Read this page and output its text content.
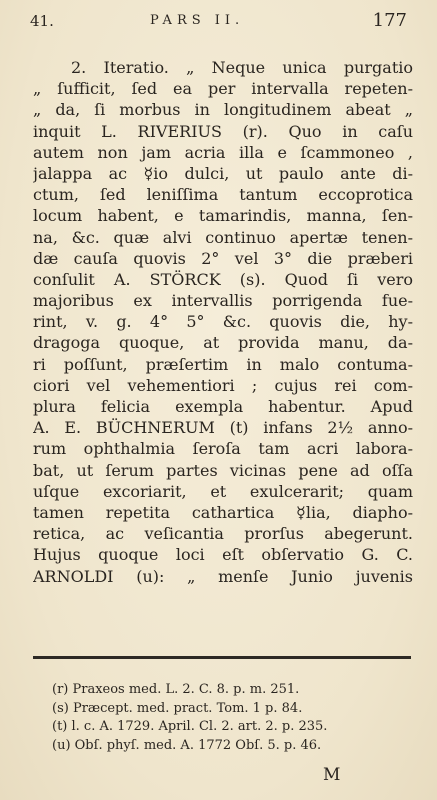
41.	PARS II.	177
2. Iteratio. „ Neque unica purgatio
„ ſufficit, ſed ea per intervalla repeten-
„ da, ſi morbus in longitudinem abeat „
inquit L. RIVERIUS (r). Quo in caſu
autem non jam acria illa e ſcammoneo ,
jalappa ac ☿io dulci, ut paulo ante di-
ctum, ſed leniſſima tantum eccoprotica
locum habent, e tamarindis, manna, ſen-
na, &c. quæ alvi continuo apertæ tenen-
dæ cauſa quovis 2° vel 3° die præberi
conſulit A. STÖRCK (s). Quod ſi vero
majoribus ex intervallis porrigenda fue-
rint, v. g. 4° 5° &c. quovis die, hy-
dragoga quoque, at provida manu, da-
ri poſſunt, præſertim in malo contuma-
ciori vel vehementiori ; cujus rei com-
plura felicia exempla habentur. Apud
A. E. BÜCHNERUM (t) infans 2½ anno-
rum ophthalmia ſeroſa tam acri labora-
bat, ut ſerum partes vicinas pene ad oſſa
uſque excoriarit, et exulcerarit; quam
tamen repetita cathartica ☿lia, diapho-
retica, ac veſicantia prorſus abegerunt.
Hujus quoque loci eſt obſervatio G. C.
ARNOLDI (u): „ menſe Junio juvenis
(r) Praxeos med. L. 2. C. 8. p. m. 251.
(s) Præcept. med. pract. Tom. 1 p. 84.
(t) l. c. A. 1729. April. Cl. 2. art. 2. p. 235.
(u) Obſ. phyſ. med. A. 1772 Obſ. 5. p. 46.
M
